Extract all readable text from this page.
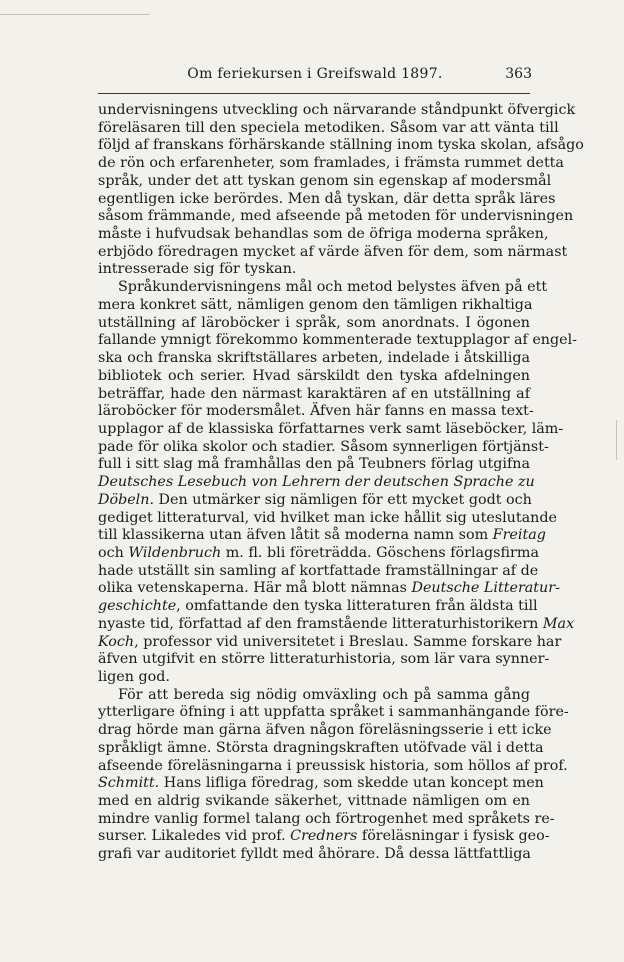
Om feriekursen i Greifswald 1897.	363
undervisningens utveckling och närvarande ståndpunkt öfvergick
föreläsaren till den speciela metodiken. Såsom var att vänta till
följd af franskans förhärskande ställning inom tyska skolan, afsågo
de rön och erfarenheter, som framlades, i främsta rummet detta
språk, under det att tyskan genom sin egenskap af modersmål
egentligen icke berördes. Men då tyskan, där detta språk läres
såsom främmande, med afseende på metoden för undervisningen
måste i hufvudsak behandlas som de öfriga moderna språken,
erbjödo föredragen mycket af värde äfven för dem, som närmast
intresserade sig för tyskan.
Språkundervisningens mål och metod belystes äfven på ett
mera konkret sätt, nämligen genom den tämligen rikhaltiga
utställning af läroböcker i språk, som anordnats. I ögonen
fallande ymnigt förekommo kommenterade textupplagor af engel-
ska och franska skriftställares arbeten, indelade i åtskilliga
bibliotek och serier. Hvad särskildt den tyska afdelningen
beträffar, hade den närmast karaktären af en utställning af
läroböcker för modersmålet. Äfven här fanns en massa text-
upplagor af de klassiska författarnes verk samt läseböcker, läm-
pade för olika skolor och stadier. Såsom synnerligen förtjänst-
full i sitt slag må framhållas den på Teubners förlag utgifna
Deutsches Lesebuch von Lehrern der deutschen Sprache zu
Döbeln. Den utmärker sig nämligen för ett mycket godt och
gediget litteraturval, vid hvilket man icke hållit sig uteslutande
till klassikerna utan äfven låtit så moderna namn som Freitag
och Wildenbruch m. fl. bli företrädda. Göschens förlagsfirma
hade utställt sin samling af kortfattade framställningar af de
olika vetenskaperna. Här må blott nämnas Deutsche Litteratur-
geschichte, omfattande den tyska litteraturen från äldsta till
nyaste tid, författad af den framstående litteraturhistorikern Max
Koch, professor vid universitetet i Breslau. Samme forskare har
äfven utgifvit en större litteraturhistoria, som lär vara synner-
ligen god.
För att bereda sig nödig omväxling och på samma gång
ytterligare öfning i att uppfatta språket i sammanhängande före-
drag hörde man gärna äfven någon föreläsningsserie i ett icke
språkligt ämne. Största dragningskraften utöfvade väl i detta
afseende föreläsningarna i preussisk historia, som höllos af prof.
Schmitt. Hans lifliga föredrag, som skedde utan koncept men
med en aldrig svikande säkerhet, vittnade nämligen om en
mindre vanlig formel talang och förtrogenhet med språkets re-
surser. Likaledes vid prof. Credners föreläsningar i fysisk geo-
grafi var auditoriet fylldt med åhörare. Då dessa lättfattliga
